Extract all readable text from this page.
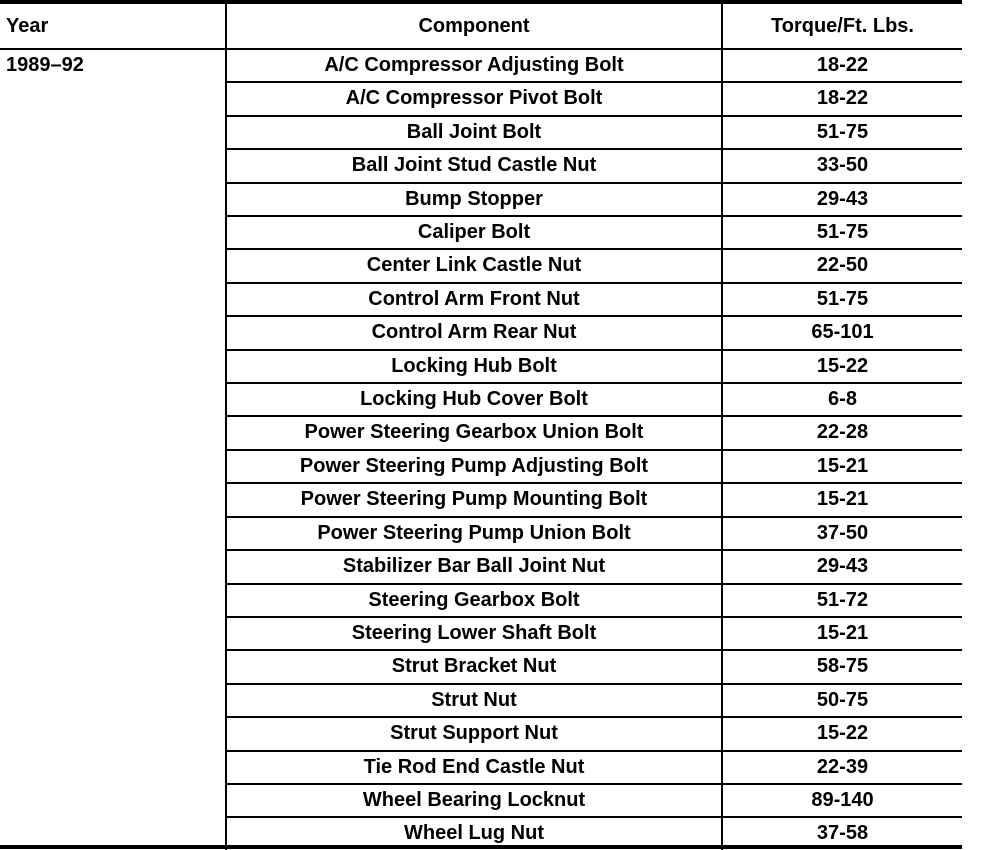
Year	Component	Torque/Ft. Lbs.
1989–92	A/C Compressor Adjusting Bolt	18-22
	A/C Compressor Pivot Bolt	18-22
	Ball Joint Bolt	51-75
	Ball Joint Stud Castle Nut	33-50
	Bump Stopper	29-43
	Caliper Bolt	51-75
	Center Link Castle Nut	22-50
	Control Arm Front Nut	51-75
	Control Arm Rear Nut	65-101
	Locking Hub Bolt	15-22
	Locking Hub Cover Bolt	6-8
	Power Steering Gearbox Union Bolt	22-28
	Power Steering Pump Adjusting Bolt	15-21
	Power Steering Pump Mounting Bolt	15-21
	Power Steering Pump Union Bolt	37-50
	Stabilizer Bar Ball Joint Nut	29-43
	Steering Gearbox Bolt	51-72
	Steering Lower Shaft Bolt	15-21
	Strut Bracket Nut	58-75
	Strut Nut	50-75
	Strut Support Nut	15-22
	Tie Rod End Castle Nut	22-39
	Wheel Bearing Locknut	89-140
	Wheel Lug Nut	37-58
